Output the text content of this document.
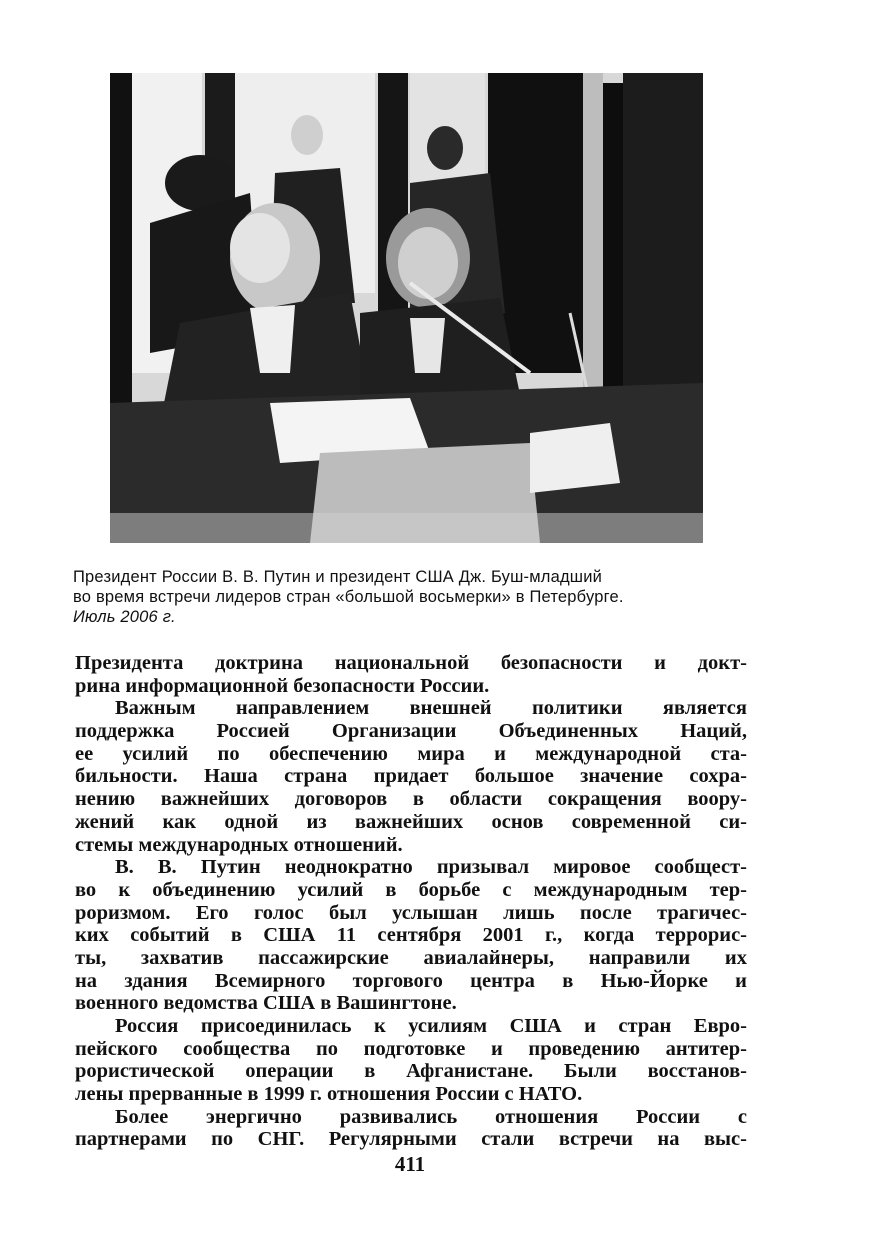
Президент России В. В. Путин и президент США Дж. Буш-младший
во время встречи лидеров стран «большой восьмерки» в Петербурге.
Июль 2006 г.
Президента доктрина национальной безопасности и докт-
рина информационной безопасности России.
Важным направлением внешней политики является
поддержка Россией Организации Объединенных Наций,
ее усилий по обеспечению мира и международной ста-
бильности. Наша страна придает большое значение сохра-
нению важнейших договоров в области сокращения воору-
жений как одной из важнейших основ современной си-
стемы международных отношений.
В. В. Путин неоднократно призывал мировое сообщест-
во к объединению усилий в борьбе с международным тер-
роризмом. Его голос был услышан лишь после трагичес-
ких событий в США 11 сентября 2001 г., когда террорис-
ты, захватив пассажирские авиалайнеры, направили их
на здания Всемирного торгового центра в Нью-Йорке и
военного ведомства США в Вашингтоне.
Россия присоединилась к усилиям США и стран Евро-
пейского сообщества по подготовке и проведению антитер-
рористической операции в Афганистане. Были восстанов-
лены прерванные в 1999 г. отношения России с НАТО.
Более энергично развивались отношения России с
партнерами по СНГ. Регулярными стали встречи на выс-
411
